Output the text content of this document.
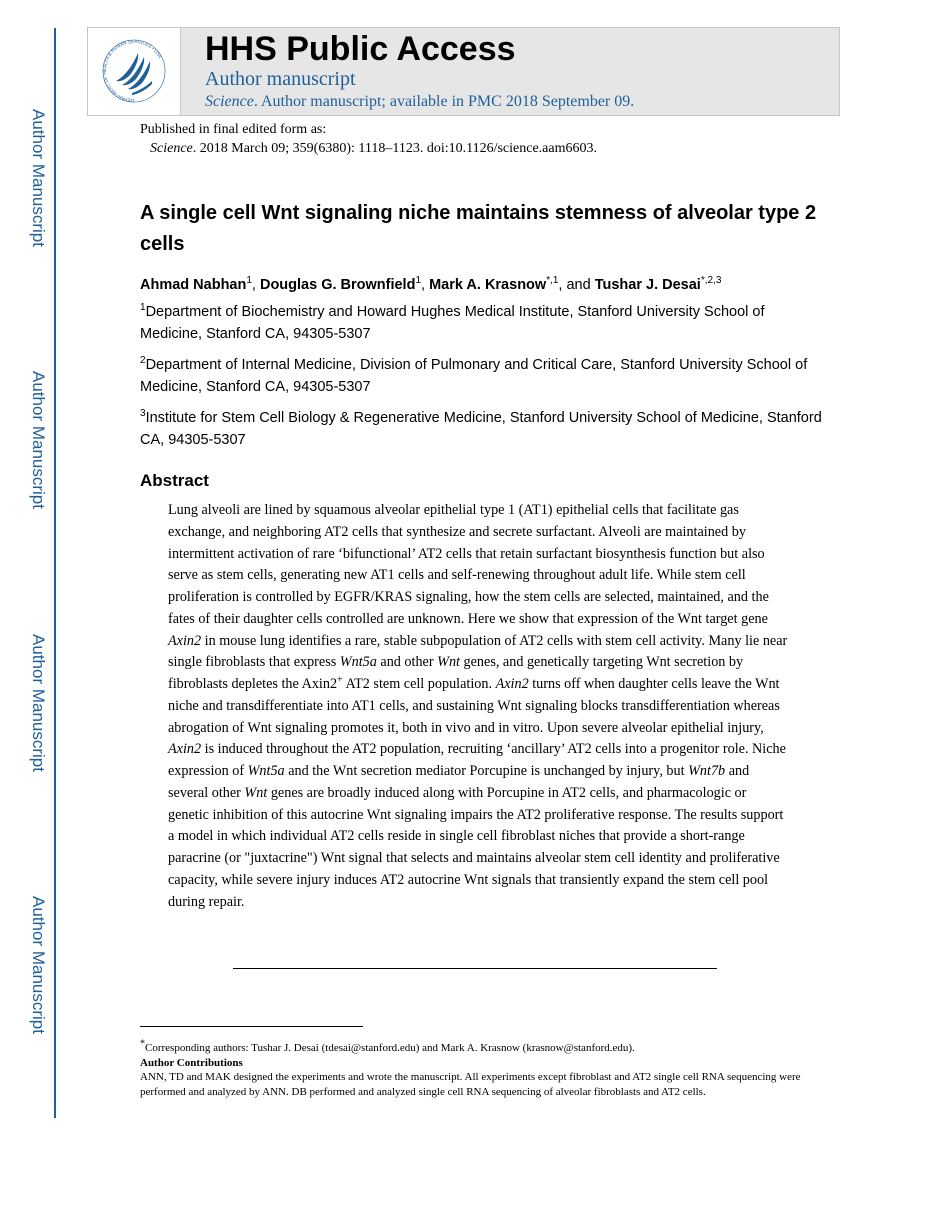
Author Manuscript
Author Manuscript
Author Manuscript
Author Manuscript
DEPARTMENT OF HEALTH & HUMAN SERVICES • USA HHS Public Access
Author manuscript
Science. Author manuscript; available in PMC 2018 September 09.
Published in final edited form as:
Science. 2018 March 09; 359(6380): 1118–1123. doi:10.1126/science.aam6603.
A single cell Wnt signaling niche maintains stemness of alveolar type 2 cells
Ahmad Nabhan$^1$, Douglas G. Brownfield$^1$, Mark A. Krasnow$^{*,1}$, and Tushar J. Desai$^{*,2,3}$
$^1$Department of Biochemistry and Howard Hughes Medical Institute, Stanford University School of Medicine, Stanford CA, 94305-5307
$^2$Department of Internal Medicine, Division of Pulmonary and Critical Care, Stanford University School of Medicine, Stanford CA, 94305-5307
$^3$Institute for Stem Cell Biology & Regenerative Medicine, Stanford University School of Medicine, Stanford CA, 94305-5307
Abstract
Lung alveoli are lined by squamous alveolar epithelial type 1 (AT1) epithelial cells that facilitate gas exchange, and neighboring AT2 cells that synthesize and secrete surfactant. Alveoli are maintained by intermittent activation of rare ‘bifunctional’ AT2 cells that retain surfactant biosynthesis function but also serve as stem cells, generating new AT1 cells and self-renewing throughout adult life. While stem cell proliferation is controlled by EGFR/KRAS signaling, how the stem cells are selected, maintained, and the fates of their daughter cells controlled are unknown. Here we show that expression of the Wnt target gene Axin2 in mouse lung identifies a rare, stable subpopulation of AT2 cells with stem cell activity. Many lie near single fibroblasts that express Wnt5a and other Wnt genes, and genetically targeting Wnt secretion by fibroblasts depletes the Axin2+ AT2 stem cell population. Axin2 turns off when daughter cells leave the Wnt niche and transdifferentiate into AT1 cells, and sustaining Wnt signaling blocks transdifferentiation whereas abrogation of Wnt signaling promotes it, both in vivo and in vitro. Upon severe alveolar epithelial injury, Axin2 is induced throughout the AT2 population, recruiting ‘ancillary’ AT2 cells into a progenitor role. Niche expression of Wnt5a and the Wnt secretion mediator Porcupine is unchanged by injury, but Wnt7b and several other Wnt genes are broadly induced along with Porcupine in AT2 cells, and pharmacologic or genetic inhibition of this autocrine Wnt signaling impairs the AT2 proliferative response. The results support a model in which individual AT2 cells reside in single cell fibroblast niches that provide a short-range paracrine (or "juxtacrine") Wnt signal that selects and maintains alveolar stem cell identity and proliferative capacity, while severe injury induces AT2 autocrine Wnt signals that transiently expand the stem cell pool during repair.

*Corresponding authors: Tushar J. Desai (tdesai@stanford.edu) and Mark A. Krasnow (krasnow@stanford.edu).

Author Contributions

ANN, TD and MAK designed the experiments and wrote the manuscript. All experiments except fibroblast and AT2 single cell RNA sequencing were performed and analyzed by ANN. DB performed and analyzed single cell RNA sequencing of alveolar fibroblasts and AT2 cells.
